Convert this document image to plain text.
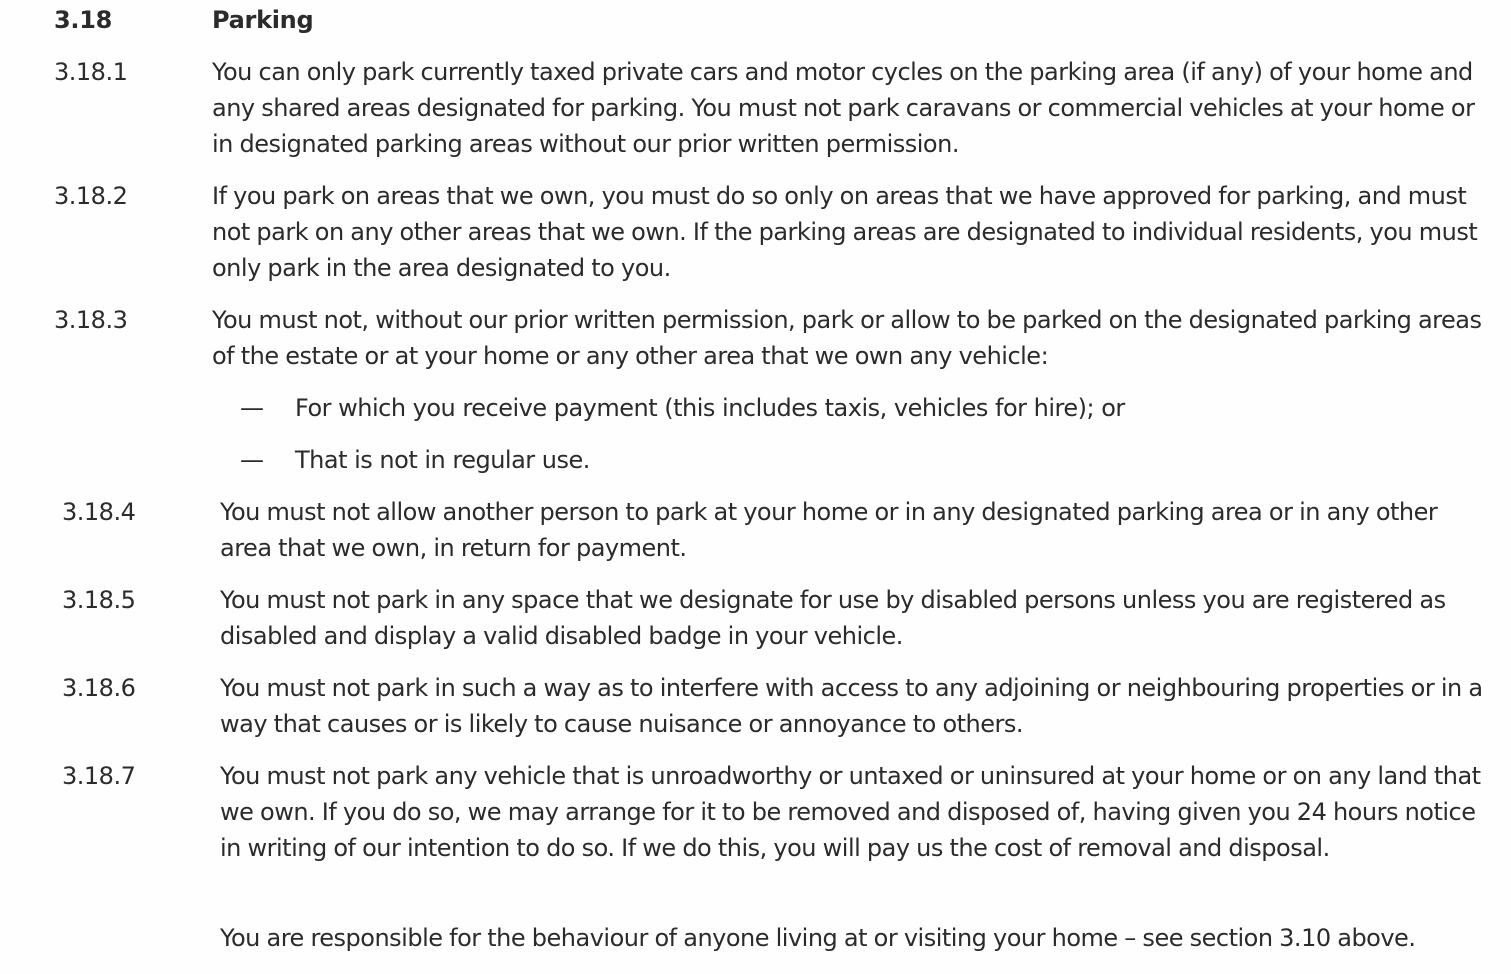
3.18	Parking
3.18.1	You can only park currently taxed private cars and motor cycles on the parking area (if any) of your home and any shared areas designated for parking. You must not park caravans or commercial vehicles at your home or in designated parking areas without our prior written permission.
3.18.2	If you park on areas that we own, you must do so only on areas that we have approved for parking, and must not park on any other areas that we own. If the parking areas are designated to individual residents, you must only park in the area designated to you.
3.18.3	You must not, without our prior written permission, park or allow to be parked on the designated parking areas of the estate or at your home or any other area that we own any vehicle:
— For which you receive payment (this includes taxis, vehicles for hire); or
— That is not in regular use.
3.18.4	You must not allow another person to park at your home or in any designated parking area or in any other area that we own, in return for payment.
3.18.5	You must not park in any space that we designate for use by disabled persons unless you are registered as disabled and display a valid disabled badge in your vehicle.
3.18.6	You must not park in such a way as to interfere with access to any adjoining or neighbouring properties or in a way that causes or is likely to cause nuisance or annoyance to others.
3.18.7	You must not park any vehicle that is unroadworthy or untaxed or uninsured at your home or on any land that we own. If you do so, we may arrange for it to be removed and disposed of, having given you 24 hours notice in writing of our intention to do so. If we do this, you will pay us the cost of removal and disposal.
You are responsible for the behaviour of anyone living at or visiting your home – see section 3.10 above.
